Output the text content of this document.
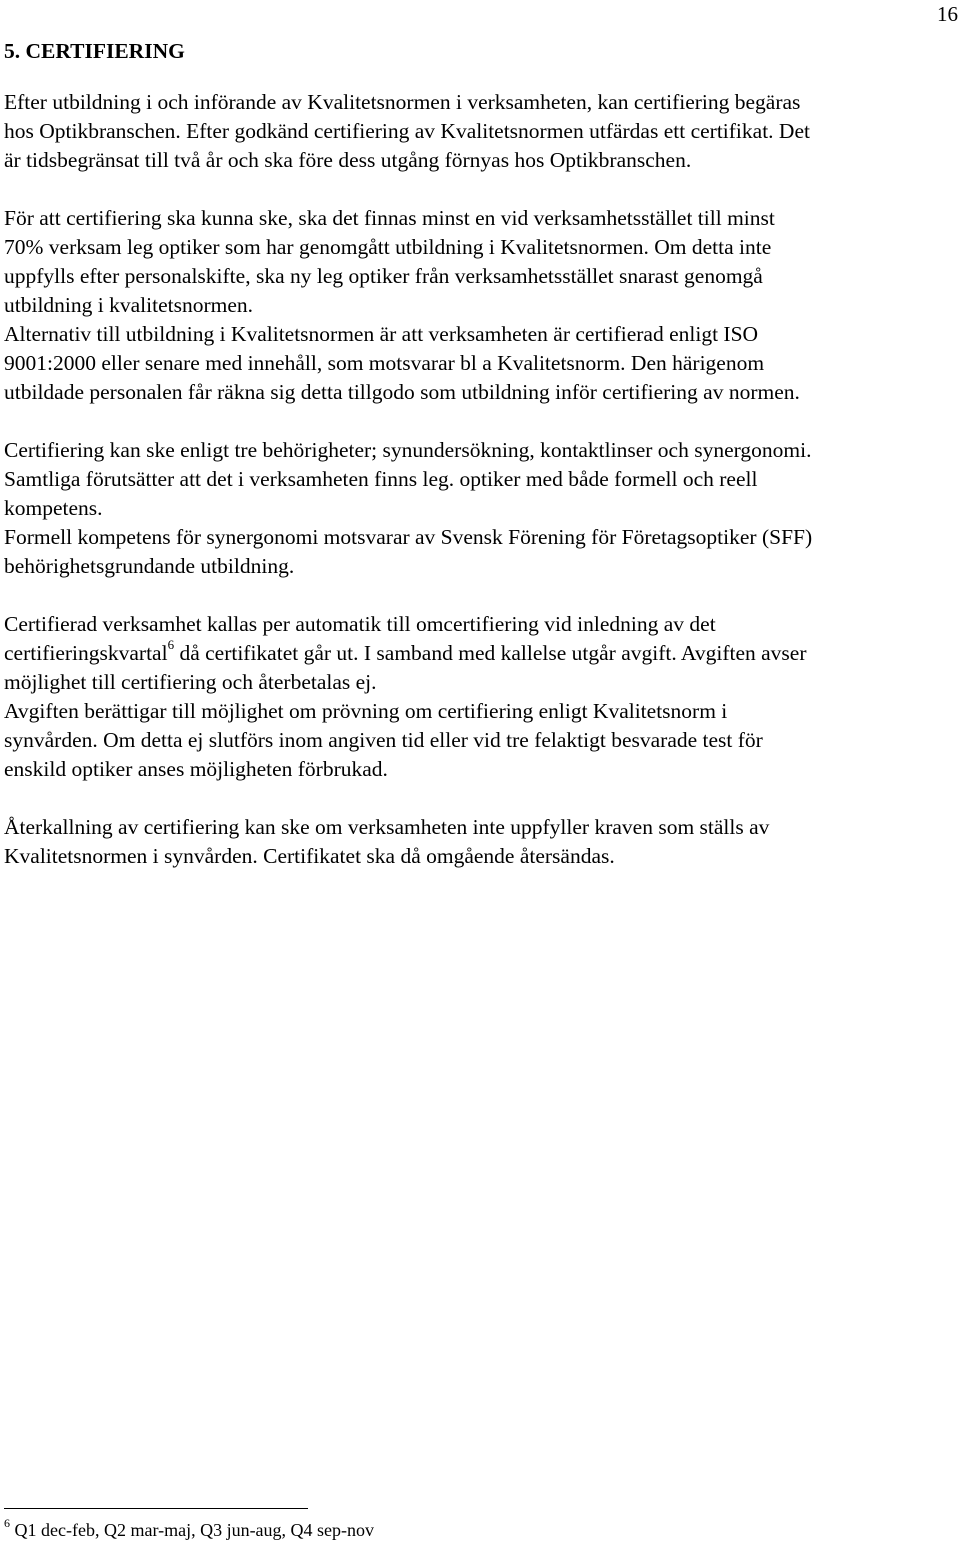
16
5. CERTIFIERING

Efter utbildning i och införande av Kvalitetsnormen i verksamheten, kan certifiering begäras
hos Optikbranschen. Efter godkänd certifiering av Kvalitetsnormen utfärdas ett certifikat. Det
är tidsbegränsat till två år och ska före dess utgång förnyas hos Optikbranschen.

För att certifiering ska kunna ske, ska det finnas minst en vid verksamhetsstället till minst
70% verksam leg optiker som har genomgått utbildning i Kvalitetsnormen. Om detta inte
uppfylls efter personalskifte, ska ny leg optiker från verksamhetsstället snarast genomgå
utbildning i kvalitetsnormen.
Alternativ till utbildning i Kvalitetsnormen är att verksamheten är certifierad enligt ISO
9001:2000 eller senare med innehåll, som motsvarar bl a Kvalitetsnorm. Den härigenom
utbildade personalen får räkna sig detta tillgodo som utbildning inför certifiering av normen.

Certifiering kan ske enligt tre behörigheter; synundersökning, kontaktlinser och synergonomi.
Samtliga förutsätter att det i verksamheten finns leg. optiker med både formell och reell
kompetens.
Formell kompetens för synergonomi motsvarar av Svensk Förening för Företagsoptiker (SFF)
behörighetsgrundande utbildning.

Certifierad verksamhet kallas per automatik till omcertifiering vid inledning av det
certifieringskvartal$^6$ då certifikatet går ut. I samband med kallelse utgår avgift. Avgiften avser
möjlighet till certifiering och återbetalas ej.
Avgiften berättigar till möjlighet om prövning om certifiering enligt Kvalitetsnorm i
synvården. Om detta ej slutförs inom angiven tid eller vid tre felaktigt besvarade test för
enskild optiker anses möjligheten förbrukad.

Återkallning av certifiering kan ske om verksamheten inte uppfyller kraven som ställs av
Kvalitetsnormen i synvården. Certifikatet ska då omgående återsändas.

$^6$ Q1 dec-feb, Q2 mar-maj, Q3 jun-aug, Q4 sep-nov
